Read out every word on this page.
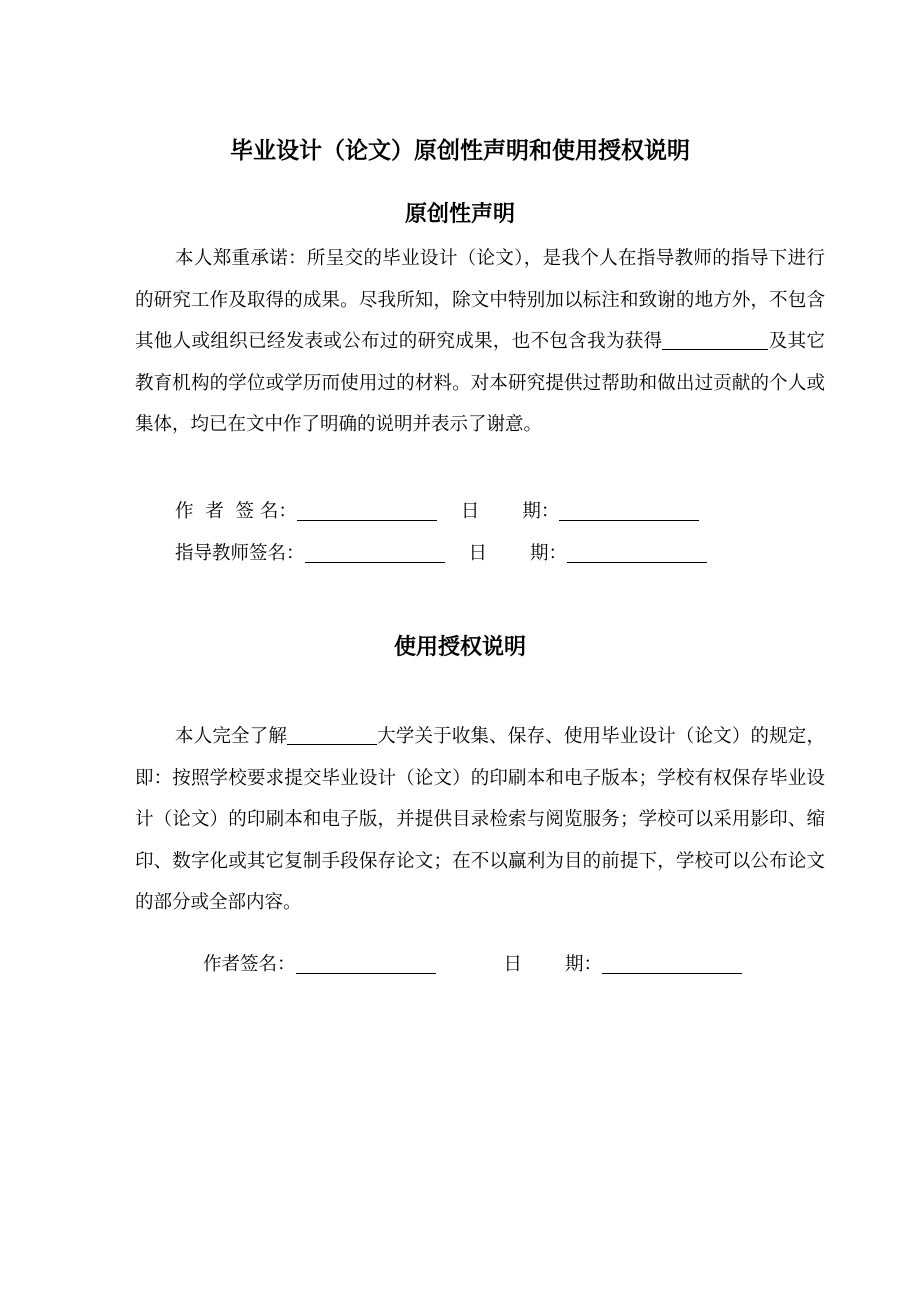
毕业设计（论文）原创性声明和使用授权说明
原创性声明
本人郑重承诺：所呈交的毕业设计（论文），是我个人在指导教师的指导下进行的研究工作及取得的成果。尽我所知，除文中特别加以标注和致谢的地方外，不包含其他人或组织已经发表或公布过的研究成果，也不包含我为获得	及其它教育机构的学位或学历而使用过的材料。对本研究提供过帮助和做出过贡献的个人或集体，均已在文中作了明确的说明并表示了谢意。
作  者  签 名：	日 期：
指导教师签名：	日 期：
使用授权说明
本人完全了解	大学关于收集、保存、使用毕业设计（论文）的规定，即：按照学校要求提交毕业设计（论文）的印刷本和电子版本；学校有权保存毕业设计（论文）的印刷本和电子版，并提供目录检索与阅览服务；学校可以采用影印、缩印、数字化或其它复制手段保存论文；在不以赢利为目的前提下，学校可以公布论文的部分或全部内容。
作者签名：	日 期：
